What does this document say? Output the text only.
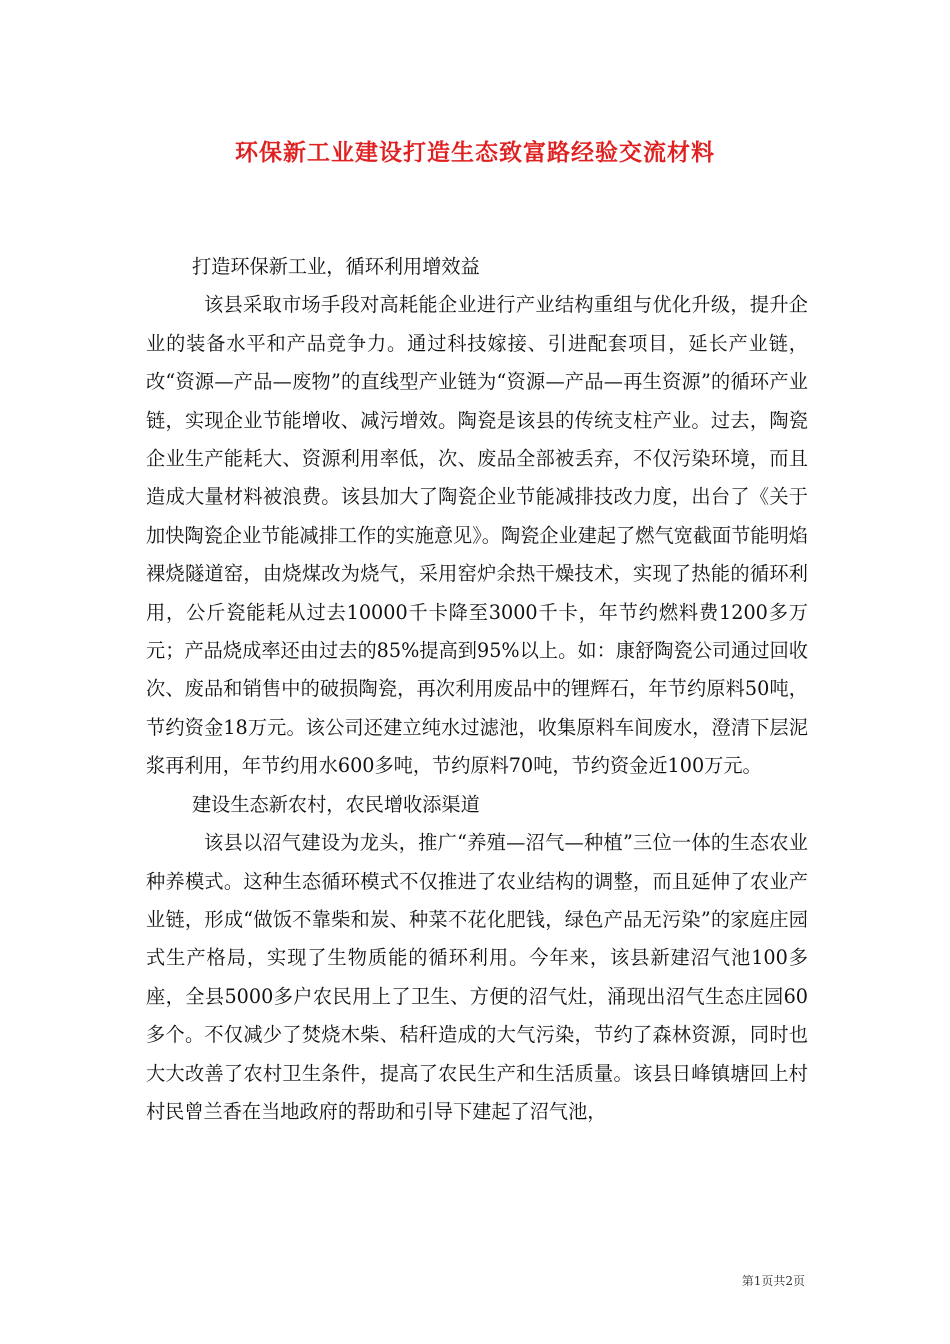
环保新工业建设打造生态致富路经验交流材料

打造环保新工业，循环利用增效益

该县采取市场手段对高耗能企业进行产业结构重组与优化升级，提升企业的装备水平和产品竞争力。通过科技嫁接、引进配套项目，延长产业链，改“资源—产品—废物”的直线型产业链为“资源—产品—再生资源”的循环产业链，实现企业节能增收、减污增效。陶瓷是该县的传统支柱产业。过去，陶瓷企业生产能耗大、资源利用率低，次、废品全部被丢弃，不仅污染环境，而且造成大量材料被浪费。该县加大了陶瓷企业节能减排技改力度，出台了《关于加快陶瓷企业节能减排工作的实施意见》。陶瓷企业建起了燃气宽截面节能明焰裸烧隧道窑，由烧煤改为烧气，采用窑炉余热干燥技术，实现了热能的循环利用，公斤瓷能耗从过去10000千卡降至3000千卡，年节约燃料费1200多万元；产品烧成率还由过去的85%提高到95%以上。如：康舒陶瓷公司通过回收次、废品和销售中的破损陶瓷，再次利用废品中的锂辉石，年节约原料50吨，节约资金18万元。该公司还建立纯水过滤池，收集原料车间废水，澄清下层泥浆再利用，年节约用水600多吨，节约原料70吨，节约资金近100万元。

建设生态新农村，农民增收添渠道

该县以沼气建设为龙头，推广“养殖—沼气—种植”三位一体的生态农业种养模式。这种生态循环模式不仅推进了农业结构的调整，而且延伸了农业产业链，形成“做饭不靠柴和炭、种菜不花化肥钱，绿色产品无污染”的家庭庄园式生产格局，实现了生物质能的循环利用。今年来，该县新建沼气池100多座，全县5000多户农民用上了卫生、方便的沼气灶，涌现出沼气生态庄园60多个。不仅减少了焚烧木柴、秸秆造成的大气污染，节约了森林资源，同时也大大改善了农村卫生条件，提高了农民生产和生活质量。该县日峰镇塘回上村村民曾兰香在当地政府的帮助和引导下建起了沼气池，

第1页共2页
